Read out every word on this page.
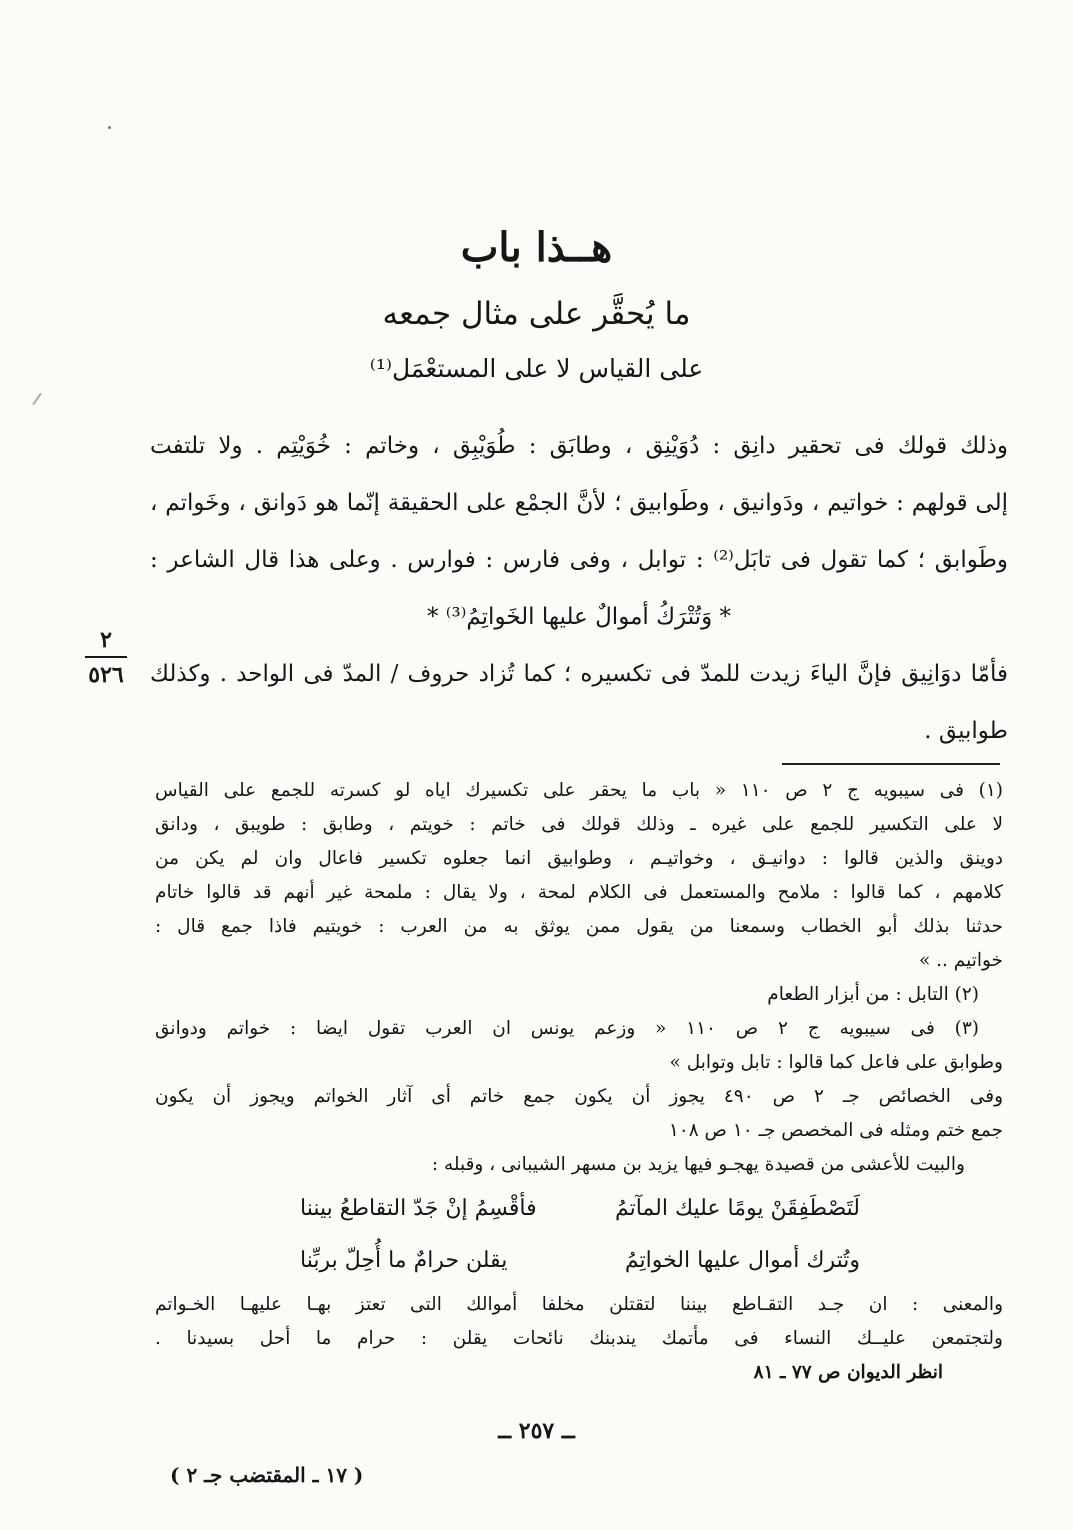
هــذا باب
ما يُحقَّر على مثال جمعه
على القياس لا على المستعْمَل⁽¹⁾
وذلك قولك فى تحقير دانِق : دُوَيْنِق ، وطابَق : طُوَيْبِق ، وخاتم : خُوَيْتِم . ولا تلتفت
إلى قولهم : خواتيم ، ودَوانيق ، وطَوابيق ؛ لأنَّ الجمْع على الحقيقة إنّما هو دَوانق ، وخَواتم ،
وطَوابق ؛ كما تقول فى تابَل⁽²⁾ : توابل ، وفى فارس : فوارس . وعلى هذا قال الشاعر :
* وَتُتْرَكُ أموالٌ عليها الخَواتِمُ⁽³⁾ *
فأمّا دوَانِيق فإنَّ الياءَ زيدت للمدّ فى تكسيره ؛ كما تُزاد حروف / المدّ فى الواحد . وكذلك
طوابيق .
٢
٥٢٦
(١) فى سيبويه ج ٢ ص ١١٠ « باب ما يحقر على تكسيرك اياه لو كسرته للجمع على القياس
لا على التكسير للجمع على غيره ـ وذلك قولك فى خاتم : خويتم ، وطابق : طويبق ، ودانق
دوينق والذين قالوا : دوانيـق ، وخواتيـم ، وطوابيق انما جعلوه تكسير فاعال وان لم يكن من
كلامهم ، كما قالوا : ملامح والمستعمل فى الكلام لمحة ، ولا يقال : ملمحة غير أنهم قد قالوا خاتام
حدثنا بذلك أبو الخطاب وسمعنا من يقول ممن يوثق به من العرب : خويتيم فاذا جمع قال :
خواتيم .. »
(٢) التابل : من أبزار الطعام
(٣) فى سيبويه ج ٢ ص ١١٠ « وزعم يونس ان العرب تقول ايضا : خواتم ودوانق
وطوابق على فاعل كما قالوا : تابل وتوابل »
وفى الخصائص جـ ٢ ص ٤٩٠ يجوز أن يكون جمع خاتم أى آثار الخواتم ويجوز أن يكون
جمع ختم ومثله فى المخصص جـ ١٠ ص ١٠٨
والبيت للأعشى من قصيدة يهجـو فيها يزيد بن مسهر الشيبانى ، وقبله :
فأقْسِمُ إنْ جَدّ التقاطعُ بيننا	لَتَصْطَفِقَنْ يومًا عليك المآتمُ
يقلن حرامٌ ما أُحِلّ بربِّنا	وتُترك أموال عليها الخواتِمُ
والمعنى : ان جـد التقـاطع بيننا لتقتلن مخلفا أموالك التى تعتز بهـا عليهـا الخـواتم
ولتجتمعن عليــك النساء فى مأتمك يندبنك نائحات يقلن : حرام ما أحل بسيدنا .
انظر الديوان ص ٧٧ ـ ٨١
ــ ٢٥٧ ــ
( ١٧ ـ المقتضب جـ ٢ )
